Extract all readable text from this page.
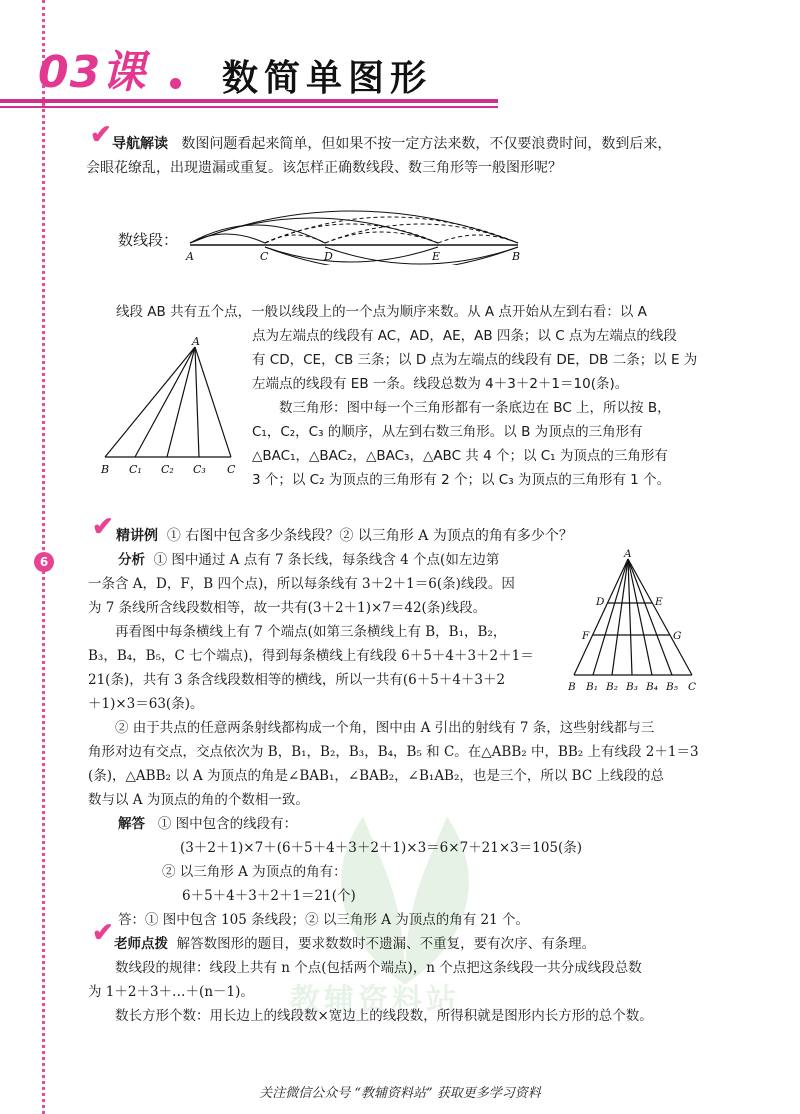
03课 数简单图形
6
教辅资料站
✔ 导航解读 数图问题看起来简单，但如果不按一定方法来数，不仅要浪费时间，数到后来，
会眼花缭乱，出现遗漏或重复。该怎样正确数线段、数三角形等一般图形呢？
数线段：
A	C	D	E	B
线段 AB 共有五个点，一般以线段上的一个点为顺序来数。从 A 点开始从左到右看：以 A
点为左端点的线段有 AC，AD，AE，AB 四条；以 C 点为左端点的线段
有 CD，CE，CB 三条；以 D 点为左端点的线段有 DE，DB 二条；以 E 为
左端点的线段有 EB 一条。线段总数为 4＋3＋2＋1＝10(条)。
数三角形：图中每一个三角形都有一条底边在 BC 上，所以按 B，
C₁，C₂，C₃ 的顺序，从左到右数三角形。以 B 为顶点的三角形有
△BAC₁，△BAC₂，△BAC₃，△ABC 共 4 个；以 C₁ 为顶点的三角形有
3 个；以 C₂ 为顶点的三角形有 2 个；以 C₃ 为顶点的三角形有 1 个。
A
B C₁ C₂ C₃ C
✔ 精讲例 ① 右图中包含多少条线段？② 以三角形 A 为顶点的角有多少个？
分析 ① 图中通过 A 点有 7 条长线，每条线含 4 个点(如左边第
一条含 A，D，F，B 四个点)，所以每条线有 3＋2＋1＝6(条)线段。因
为 7 条线所含线段数相等，故一共有(3＋2＋1)×7＝42(条)线段。
再看图中每条横线上有 7 个端点(如第三条横线上有 B，B₁，B₂，
B₃，B₄，B₅，C 七个端点)，得到每条横线上有线段 6＋5＋4＋3＋2＋1＝
21(条)，共有 3 条含线段数相等的横线，所以一共有(6＋5＋4＋3＋2
＋1)×3＝63(条)。
A
D	E
F	G
B B₁ B₂ B₃ B₄ B₅ C
② 由于共点的任意两条射线都构成一个角，图中由 A 引出的射线有 7 条，这些射线都与三
角形对边有交点，交点依次为 B，B₁，B₂，B₃，B₄，B₅ 和 C。在△ABB₂ 中，BB₂ 上有线段 2＋1＝3
(条)，△ABB₂ 以 A 为顶点的角是∠BAB₁，∠BAB₂，∠B₁AB₂，也是三个，所以 BC 上线段的总
数与以 A 为顶点的角的个数相一致。
解答 ① 图中包含的线段有：
(3＋2＋1)×7＋(6＋5＋4＋3＋2＋1)×3＝6×7＋21×3＝105(条)
② 以三角形 A 为顶点的角有：
6＋5＋4＋3＋2＋1＝21(个)
答：① 图中包含 105 条线段；② 以三角形 A 为顶点的角有 21 个。
✔ 老师点拨 解答数图形的题目，要求数数时不遗漏、不重复，要有次序、有条理。
数线段的规律：线段上共有 n 个点(包括两个端点)，n 个点把这条线段一共分成线段总数
为 1＋2＋3＋…＋(n－1)。
数长方形个数：用长边上的线段数×宽边上的线段数，所得积就是图形内长方形的总个数。
关注微信公众号 “教辅资料站” 获取更多学习资料
